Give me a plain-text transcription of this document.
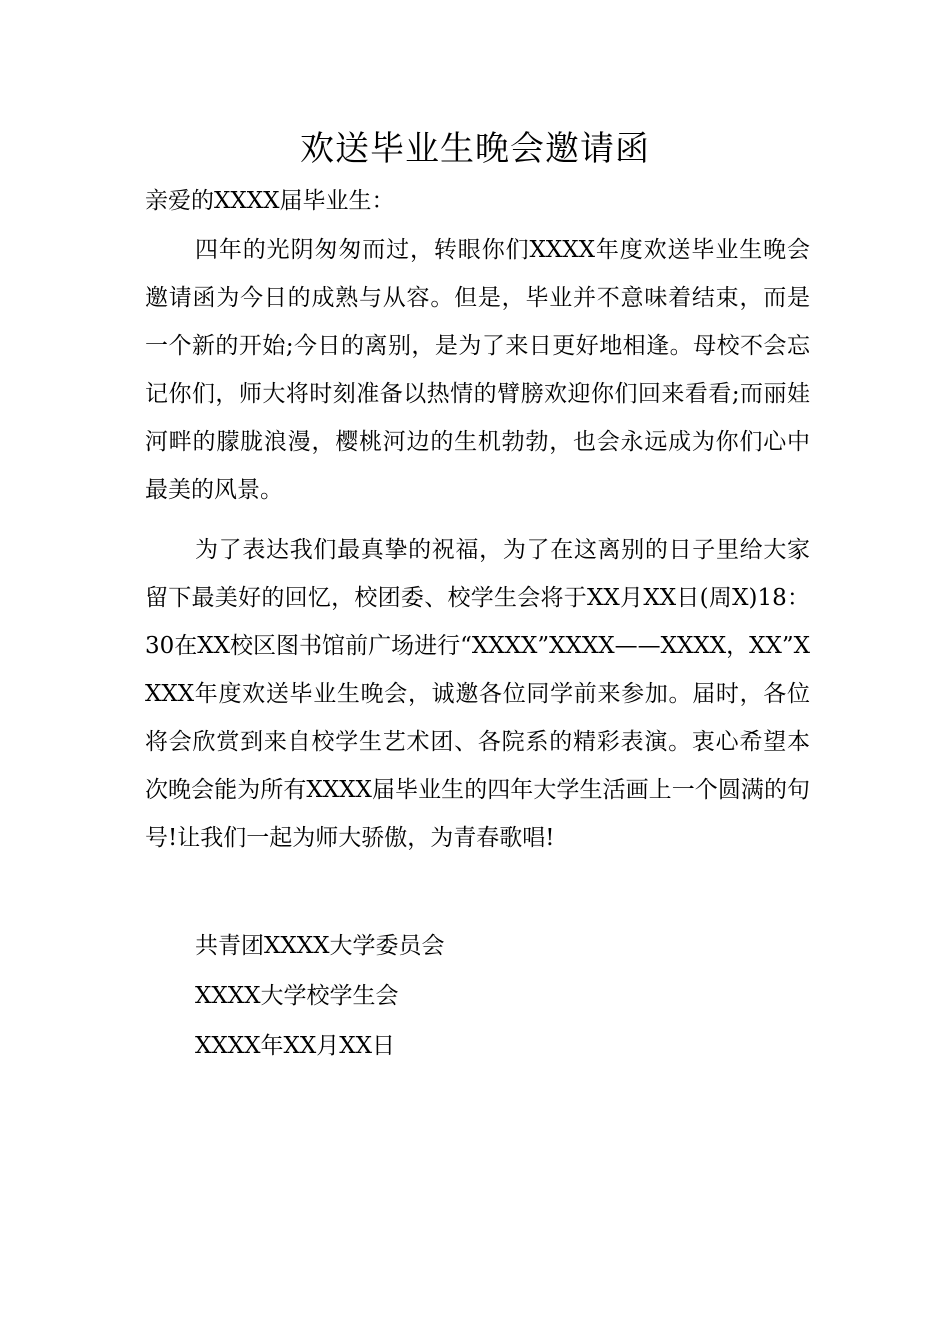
欢送毕业生晚会邀请函
亲爱的XXXX届毕业生：
四年的光阴匆匆而过，转眼你们XXXX年度欢送毕业生晚会邀请函为今日的成熟与从容。但是，毕业并不意味着结束，而是一个新的开始;今日的离别，是为了来日更好地相逢。母校不会忘记你们，师大将时刻准备以热情的臂膀欢迎你们回来看看;而丽娃河畔的朦胧浪漫，樱桃河边的生机勃勃，也会永远成为你们心中最美的风景。
为了表达我们最真挚的祝福，为了在这离别的日子里给大家留下最美好的回忆，校团委、校学生会将于XX月XX日(周X)18：30在XX校区图书馆前广场进行“XXXX”XXXX——XXXX，XX”XXXX年度欢送毕业生晚会，诚邀各位同学前来参加。届时，各位将会欣赏到来自校学生艺术团、各院系的精彩表演。衷心希望本次晚会能为所有XXXX届毕业生的四年大学生活画上一个圆满的句号!让我们一起为师大骄傲，为青春歌唱!
共青团XXXX大学委员会
XXXX大学校学生会
XXXX年XX月XX日
